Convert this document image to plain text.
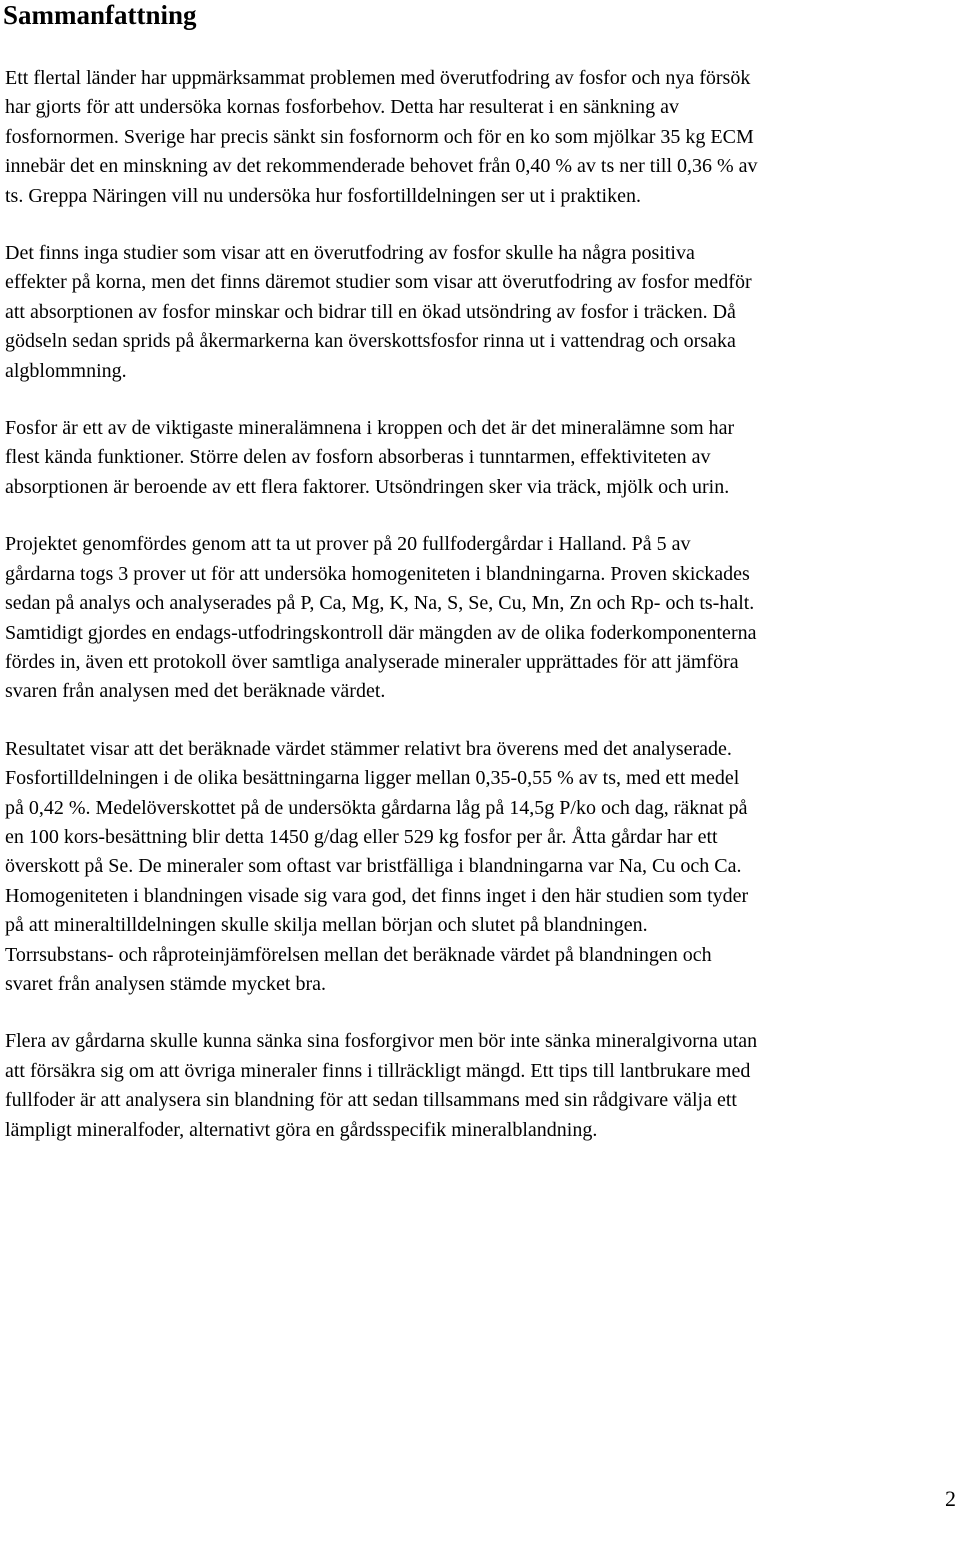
Sammanfattning

Ett flertal länder har uppmärksammat problemen med överutfodring av fosfor och nya försök
har gjorts för att undersöka kornas fosforbehov. Detta har resulterat i en sänkning av
fosfornormen. Sverige har precis sänkt sin fosfornorm och för en ko som mjölkar 35 kg ECM
innebär det en minskning av det rekommenderade behovet från 0,40 % av ts ner till 0,36 % av
ts. Greppa Näringen vill nu undersöka hur fosfortilldelningen ser ut i praktiken.

Det finns inga studier som visar att en överutfodring av fosfor skulle ha några positiva
effekter på korna, men det finns däremot studier som visar att överutfodring av fosfor medför
att absorptionen av fosfor minskar och bidrar till en ökad utsöndring av fosfor i träcken. Då
gödseln sedan sprids på åkermarkerna kan överskottsfosfor rinna ut i vattendrag och orsaka
algblommning.

Fosfor är ett av de viktigaste mineralämnena i kroppen och det är det mineralämne som har
flest kända funktioner. Större delen av fosforn absorberas i tunntarmen, effektiviteten av
absorptionen är beroende av ett flera faktorer. Utsöndringen sker via träck, mjölk och urin.

Projektet genomfördes genom att ta ut prover på 20 fullfodergårdar i Halland. På 5 av
gårdarna togs 3 prover ut för att undersöka homogeniteten i blandningarna. Proven skickades
sedan på analys och analyserades på P, Ca, Mg, K, Na, S, Se, Cu, Mn, Zn och Rp- och ts-halt.
Samtidigt gjordes en endags-utfodringskontroll där mängden av de olika foderkomponenterna
fördes in, även ett protokoll över samtliga analyserade mineraler upprättades för att jämföra
svaren från analysen med det beräknade värdet.

Resultatet visar att det beräknade värdet stämmer relativt bra överens med det analyserade.
Fosfortilldelningen i de olika besättningarna ligger mellan 0,35-0,55 % av ts, med ett medel
på 0,42 %. Medelöverskottet på de undersökta gårdarna låg på 14,5g P/ko och dag, räknat på
en 100 kors-besättning blir detta 1450 g/dag eller 529 kg fosfor per år. Åtta gårdar har ett
överskott på Se. De mineraler som oftast var bristfälliga i blandningarna var Na, Cu och Ca.
Homogeniteten i blandningen visade sig vara god, det finns inget i den här studien som tyder
på att mineraltilldelningen skulle skilja mellan början och slutet på blandningen.
Torrsubstans- och råproteinjämförelsen mellan det beräknade värdet på blandningen och
svaret från analysen stämde mycket bra.

Flera av gårdarna skulle kunna sänka sina fosforgivor men bör inte sänka mineralgivorna utan
att försäkra sig om att övriga mineraler finns i tillräckligt mängd. Ett tips till lantbrukare med
fullfoder är att analysera sin blandning för att sedan tillsammans med sin rådgivare välja ett
lämpligt mineralfoder, alternativt göra en gårdsspecifik mineralblandning.

2
